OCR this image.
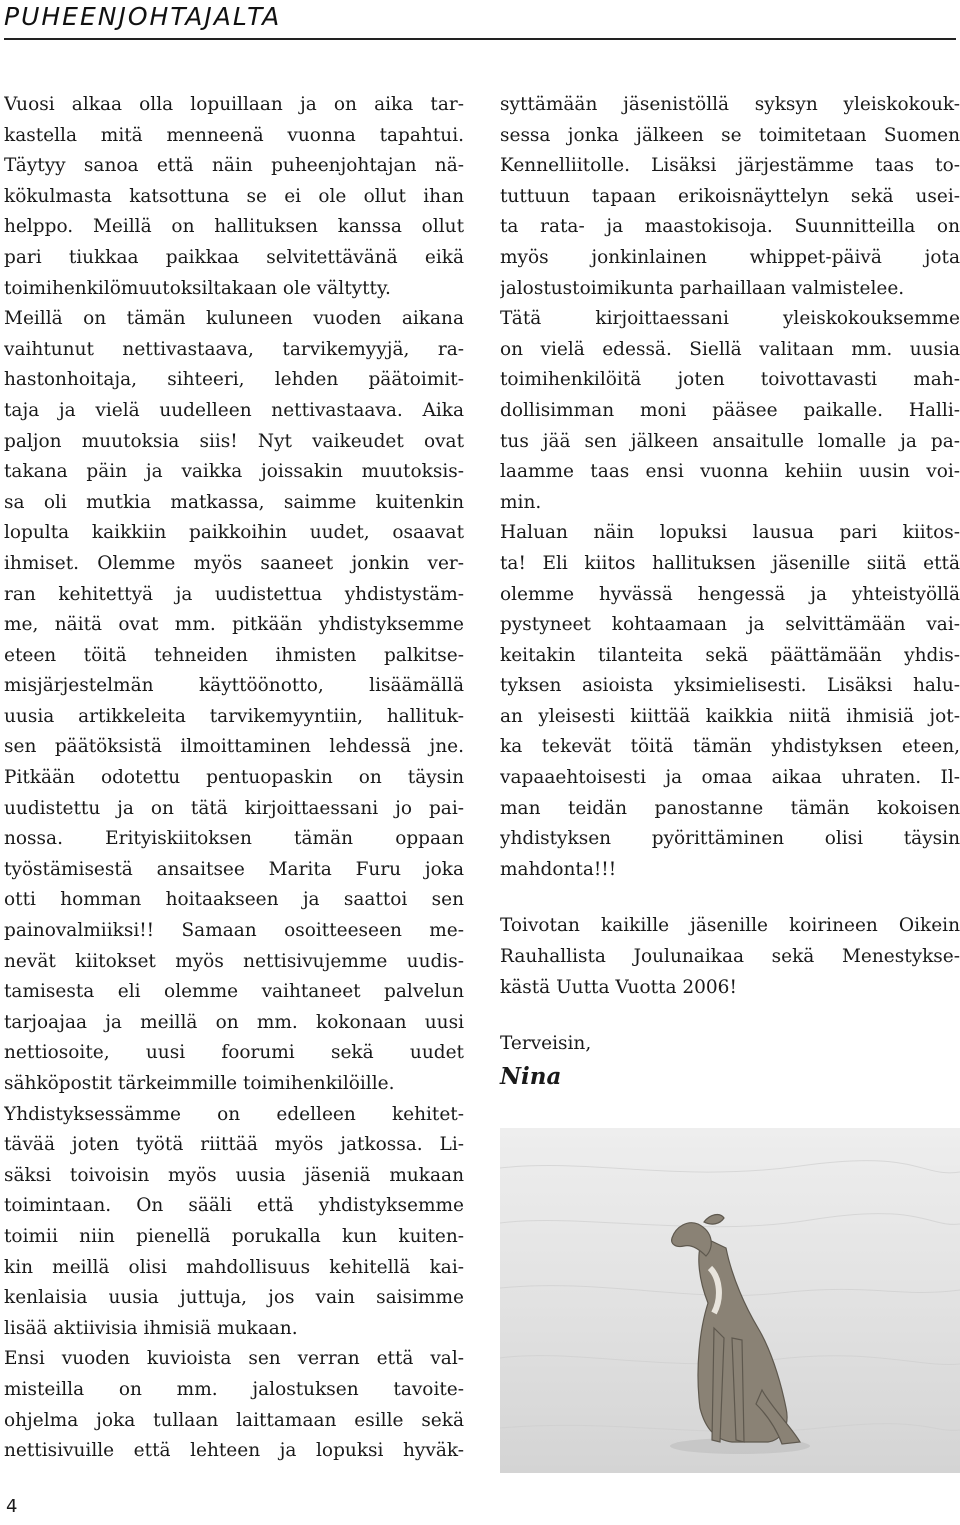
PUHEENJOHTAJALTA
Vuosi alkaa olla lopuillaan ja on aika tar-
kastella mitä menneenä vuonna tapahtui.
Täytyy sanoa että näin puheenjohtajan nä-
kökulmasta katsottuna se ei ole ollut ihan
helppo. Meillä on hallituksen kanssa ollut
pari tiukkaa paikkaa selvitettävänä eikä
toimihenkilömuutoksiltakaan ole vältytty.
Meillä on tämän kuluneen vuoden aikana
vaihtunut nettivastaava, tarvikemyyjä, ra-
hastonhoitaja, sihteeri, lehden päätoimit-
taja ja vielä uudelleen nettivastaava. Aika
paljon muutoksia siis! Nyt vaikeudet ovat
takana päin ja vaikka joissakin muutoksis-
sa oli mutkia matkassa, saimme kuitenkin
lopulta kaikkiin paikkoihin uudet, osaavat
ihmiset. Olemme myös saaneet jonkin ver-
ran kehitettyä ja uudistettua yhdistystäm-
me, näitä ovat mm. pitkään yhdistyksemme
eteen töitä tehneiden ihmisten palkitse-
misjärjestelmän käyttöönotto, lisäämällä
uusia artikkeleita tarvikemyyntiin, hallituk-
sen päätöksistä ilmoittaminen lehdessä jne.
Pitkään odotettu pentuopaskin on täysin
uudistettu ja on tätä kirjoittaessani jo pai-
nossa. Erityiskiitoksen tämän oppaan
työstämisestä ansaitsee Marita Furu joka
otti homman hoitaakseen ja saattoi sen
painovalmiiksi!! Samaan osoitteeseen me-
nevät kiitokset myös nettisivujemme uudis-
tamisesta eli olemme vaihtaneet palvelun
tarjoajaa ja meillä on mm. kokonaan uusi
nettiosoite, uusi foorumi sekä uudet
sähköpostit tärkeimmille toimihenkilöille.
Yhdistyksessämme on edelleen kehitet-
tävää joten työtä riittää myös jatkossa. Li-
säksi toivoisin myös uusia jäseniä mukaan
toimintaan. On sääli että yhdistyksemme
toimii niin pienellä porukalla kun kuiten-
kin meillä olisi mahdollisuus kehitellä kai-
kenlaisia uusia juttuja, jos vain saisimme
lisää aktiivisia ihmisiä mukaan.
Ensi vuoden kuvioista sen verran että val-
misteilla on mm. jalostuksen tavoite-
ohjelma joka tullaan laittamaan esille sekä
nettisivuille että lehteen ja lopuksi hyväk-
syttämään jäsenistöllä syksyn yleiskokouk-
sessa jonka jälkeen se toimitetaan Suomen
Kennelliitolle. Lisäksi järjestämme taas to-
tuttuun tapaan erikoisnäyttelyn sekä usei-
ta rata- ja maastokisoja. Suunnitteilla on
myös jonkinlainen whippet-päivä jota
jalostustoimikunta parhaillaan valmistelee.
Tätä kirjoittaessani yleiskokouksemme
on vielä edessä. Siellä valitaan mm. uusia
toimihenkilöitä joten toivottavasti mah-
dollisimman moni pääsee paikalle. Halli-
tus jää sen jälkeen ansaitulle lomalle ja pa-
laamme taas ensi vuonna kehiin uusin voi-
min.
Haluan näin lopuksi lausua pari kiitos-
ta! Eli kiitos hallituksen jäsenille siitä että
olemme hyvässä hengessä ja yhteistyöllä
pystyneet kohtaamaan ja selvittämään vai-
keitakin tilanteita sekä päättämään yhdis-
tyksen asioista yksimielisesti. Lisäksi halu-
an yleisesti kiittää kaikkia niitä ihmisiä jot-
ka tekevät töitä tämän yhdistyksen eteen,
vapaaehtoisesti ja omaa aikaa uhraten. Il-
man teidän panostanne tämän kokoisen
yhdistyksen pyörittäminen olisi täysin
mahdonta!!!
Toivotan kaikille jäsenille koirineen Oikein
Rauhallista Joulunaikaa sekä Menestykse-
kästä Uutta Vuotta 2006!
Terveisin,
Nina
4
